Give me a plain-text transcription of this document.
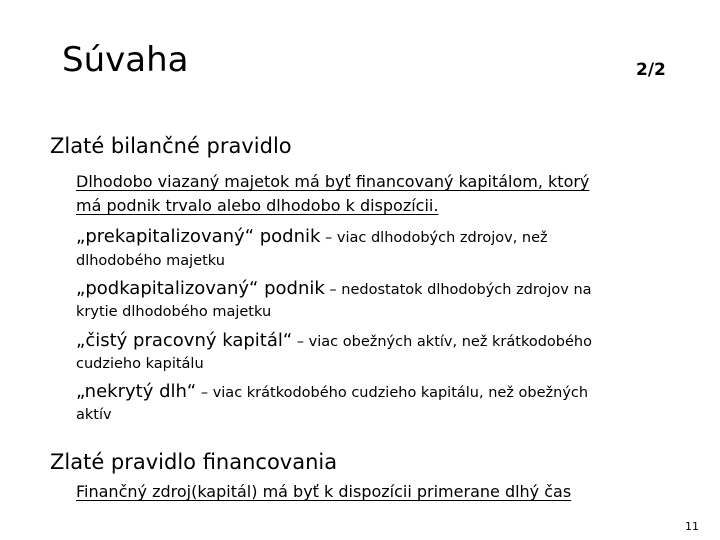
Súvaha	2/2
Zlaté bilančné pravidlo
Dlhodobo viazaný majetok má byť financovaný kapitálom, ktorý
má podnik trvalo alebo dlhodobo k dispozícii.
„prekapitalizovaný“ podnik – viac dlhodobých zdrojov, než
dlhodobého majetku
„podkapitalizovaný“ podnik – nedostatok dlhodobých zdrojov na
krytie dlhodobého majetku
„čistý pracovný kapitál“ – viac obežných aktív, než krátkodobého
cudzieho kapitálu
„nekrytý dlh“ – viac krátkodobého cudzieho kapitálu, než obežných
aktív
Zlaté pravidlo financovania
Finančný zdroj(kapitál) má byť k dispozícii primerane dlhý čas
11
